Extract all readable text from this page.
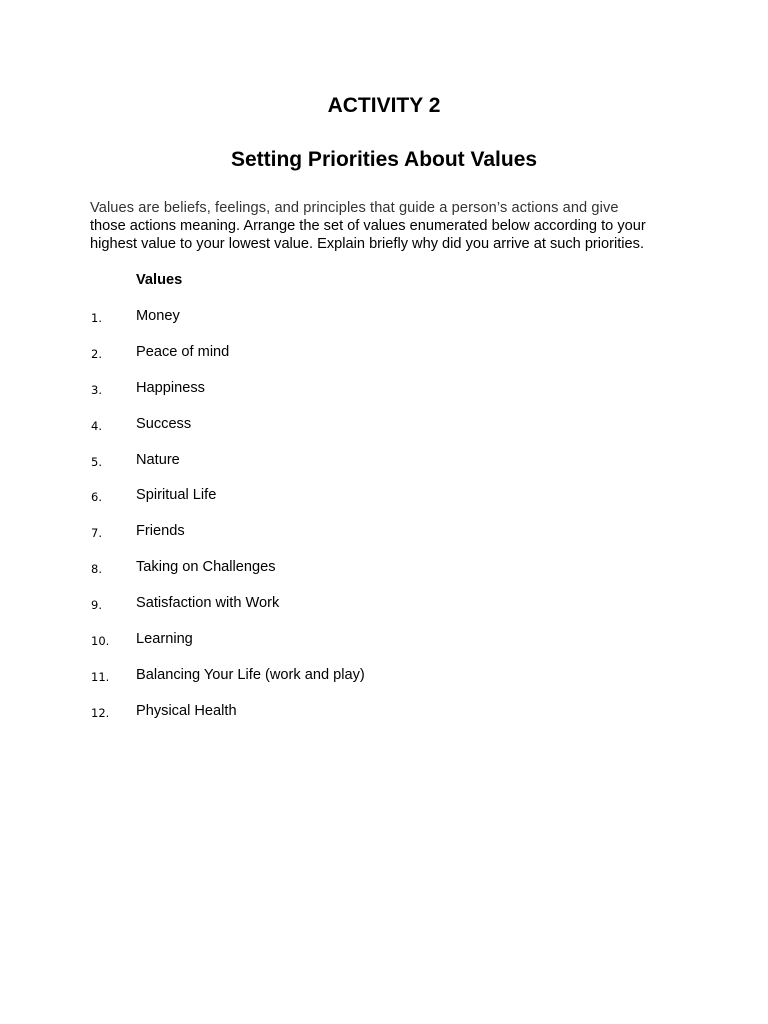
ACTIVITY 2
Setting Priorities About Values
Values are beliefs, feelings, and principles that guide a person’s actions and give
those actions meaning. Arrange the set of values enumerated below according to your
highest value to your lowest value. Explain briefly why did you arrive at such priorities.
Values
1. Money
2. Peace of mind
3. Happiness
4. Success
5. Nature
6. Spiritual Life
7. Friends
8. Taking on Challenges
9. Satisfaction with Work
10. Learning
11. Balancing Your Life (work and play)
12. Physical Health
